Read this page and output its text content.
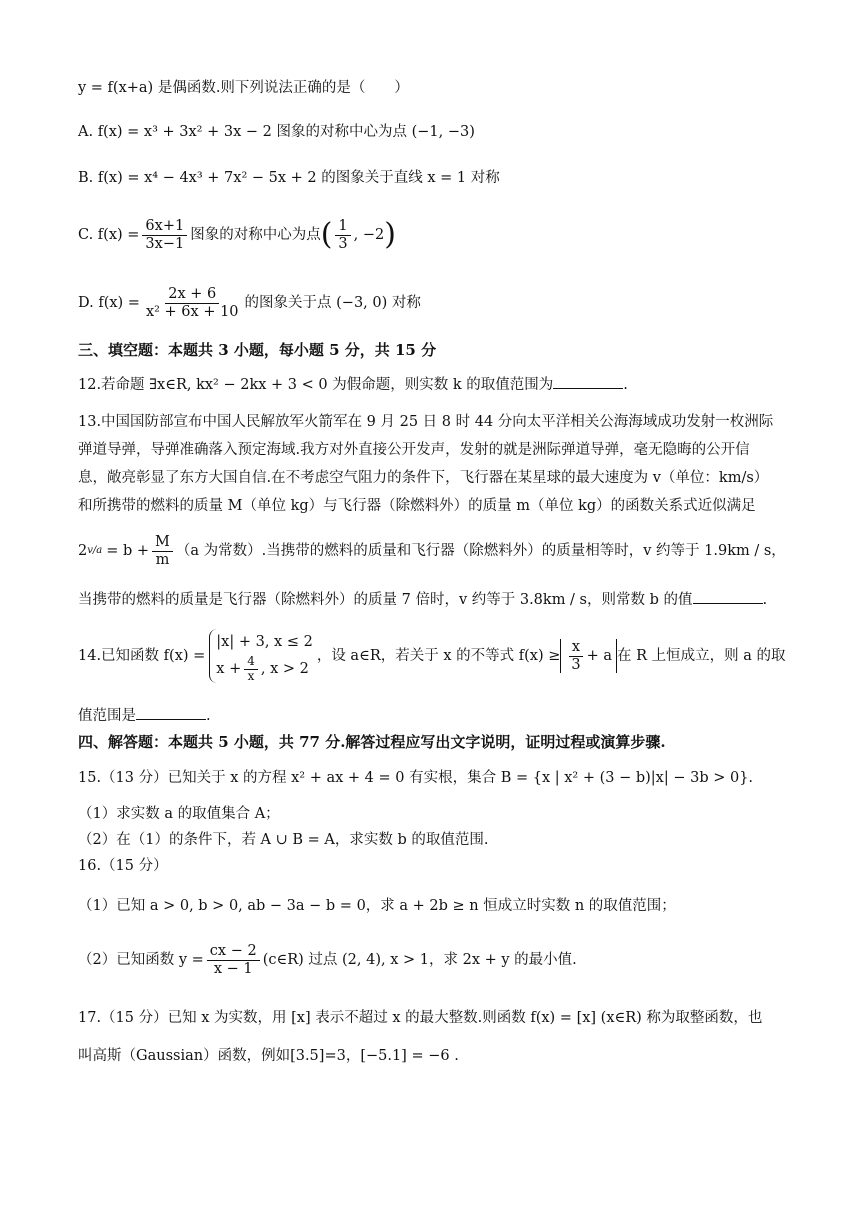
y = f(x+a) 是偶函数.则下列说法正确的是（　　）
A. f(x) = x³ + 3x² + 3x − 2 图象的对称中心为点 (−1, −3)
B. f(x) = x⁴ − 4x³ + 7x² − 5x + 2 的图象关于直线 x = 1 对称
C. $f(x) = \frac{6x+1}{3x-1}$ 图象的对称中心为点 ( $\frac{1}{3}$ , −2 )
D. $f(x) = \frac{2x + 6}{\text{x² + 6x + 10}}$ 的图象关于点 (−3, 0) 对称
三、填空题：本题共 3 小题，每小题 5 分，共 15 分
12.若命题 ∃x∈R, kx² − 2kx + 3 < 0 为假命题，则实数 k 的取值范围为	.
13.中国国防部宣布中国人民解放军火箭军在 9 月 25 日 8 时 44 分向太平洋相关公海海域成功发射一枚洲际
弹道导弹，导弹准确落入预定海域.我方对外直接公开发声，发射的就是洲际弹道导弹，毫无隐晦的公开信
息，敞亮彰显了东方大国自信.在不考虑空气阻力的条件下，飞行器在某星球的最大速度为 v（单位：km/s）
和所携带的燃料的质量 M（单位 kg）与飞行器（除燃料外）的质量 m（单位 kg）的函数关系式近似满足
2 $v/a = b + \frac{M}{m} (a$ 为常数）.当携带的燃料的质量和飞行器（除燃料外）的质量相等时，v 约等于 1.9km / s，
当携带的燃料的质量是飞行器（除燃料外）的质量 7 倍时，v 约等于 3.8km / s，则常数 b 的值	.
14.已知函数 f(x) =
|x| + 3, x ≤ 2
$x + \frac{4}{x}$ , x > 2
，设 a∈R，若关于 x 的不等式 $f(x) \ge \frac{x}{3} + a$ 在 R 上恒成立，则 a 的取
值范围是	.
四、解答题：本题共 5 小题，共 77 分.解答过程应写出文字说明，证明过程或演算步骤.
15.（13 分）已知关于 x 的方程 x² + ax + 4 = 0 有实根，集合 B = {x | x² + (3 − b)|x| − 3b > 0}.
（1）求实数 a 的取值集合 A；
（2）在（1）的条件下，若 A ∪ B = A，求实数 b 的取值范围.
16.（15 分）
（1）已知 a > 0, b > 0, ab − 3a − b = 0，求 a + 2b ≥ n 恒成立时实数 n 的取值范围；
（2）已知函数 $y = \frac{cx - 2}{x - 1}$ (c∈R) 过点 (2, 4), x > 1，求 2x + y 的最小值.
17.（15 分）已知 x 为实数，用 [x] 表示不超过 x 的最大整数.则函数 f(x) = [x] (x∈R) 称为取整函数，也
叫高斯（Gaussian）函数，例如[3.5]=3，[−5.1] = −6 .
